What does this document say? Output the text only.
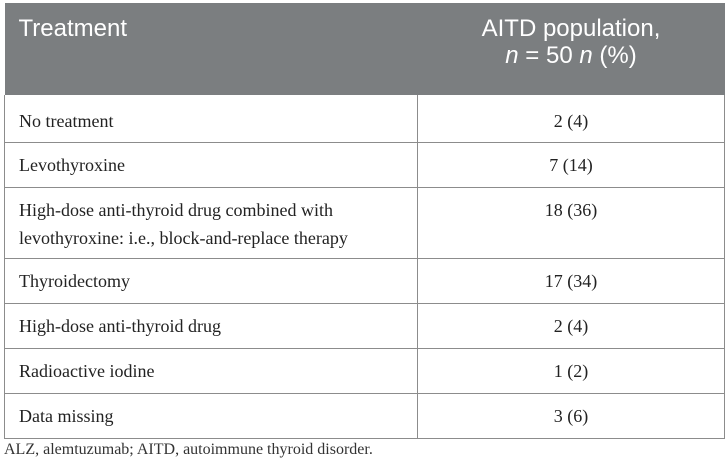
Treatment	AITD population,
n = 50 n (%)

No treatment	2 (4)
Levothyroxine	7 (14)
High-dose anti-thyroid drug combined with levothyroxine: i.e., block-and-replace therapy	18 (36)
Thyroidectomy	17 (34)
High-dose anti-thyroid drug	2 (4)
Radioactive iodine	1 (2)
Data missing	3 (6)
ALZ, alemtuzumab; AITD, autoimmune thyroid disorder.
